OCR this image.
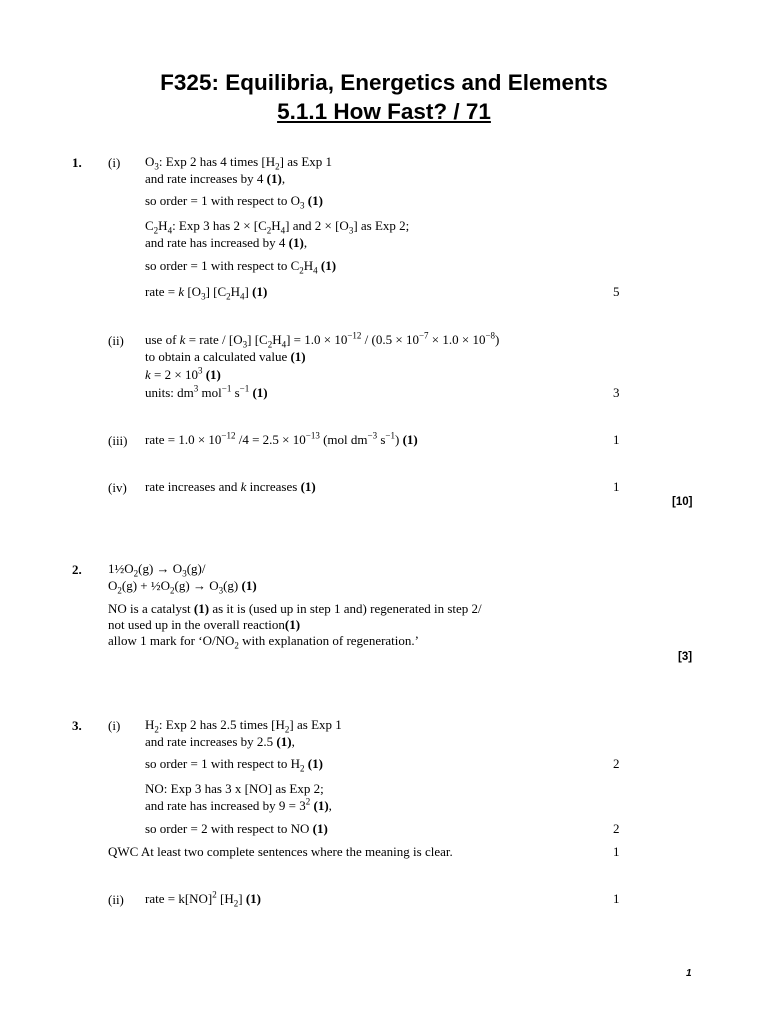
F325: Equilibria, Energetics and Elements
5.1.1 How Fast? / 71
1. (i) $O_3$: Exp 2 has 4 times $[H_2]$ as Exp 1
and rate increases by 4 (1),
so order = 1 with respect to $O_3$ (1)
$C_2H_4$: Exp 3 has $2 \times [C_2H_4]$ and $2 \times [O_3]$ as Exp 2;
and rate has increased by 4 (1),
so order = 1 with respect to $C_2H_4$ (1)
rate = k $[O_3]$ $[C_2H_4]$ (1)	5
(ii) use of k = rate / $[O_3] [C_2H_4] = 1.0 \times 10^{-12} / (0.5 \times 10^{-7} \times 1.0 \times 10^{-8})$
to obtain a calculated value (1)
$k = 2 \times 10^3$ (1)
units: $dm^3$ mol$^{-1}$ $s^{-1}$ (1)	3
(iii) rate = $1.0 \times 10^{-12}$ $/4 = 2.5 \times 10^{-13}$ (mol $dm^{-3}$ $s^{-1}$) (1)	1
(iv) rate increases and k increases (1)	1
[10]
2. $1\frac{1}{2}O_2(g) \to O_3(g)/$
$O_2(g)$ + $\frac{1}{2}O_2(g) \to O_3(g)$ (1)
NO is a catalyst (1) as it is (used up in step 1 and) regenerated in step 2/
not used up in the overall reaction(1)
allow 1 mark for ‘$O/NO_2$ with explanation of regeneration.’
[3]
3. (i) $H_2$: Exp 2 has 2.5 times $[H_2]$ as Exp 1
and rate increases by 2.5 (1),
so order = 1 with respect to $H_2$ (1)	2
NO: Exp 3 has 3 x [NO] as Exp 2;
and rate has increased by $9 = 3^2$ (1),
so order = 2 with respect to NO (1)	2
QWC At least two complete sentences where the meaning is clear.	1
(ii) rate = k[NO]$^2$ $[H_2]$ (1)	1
1
